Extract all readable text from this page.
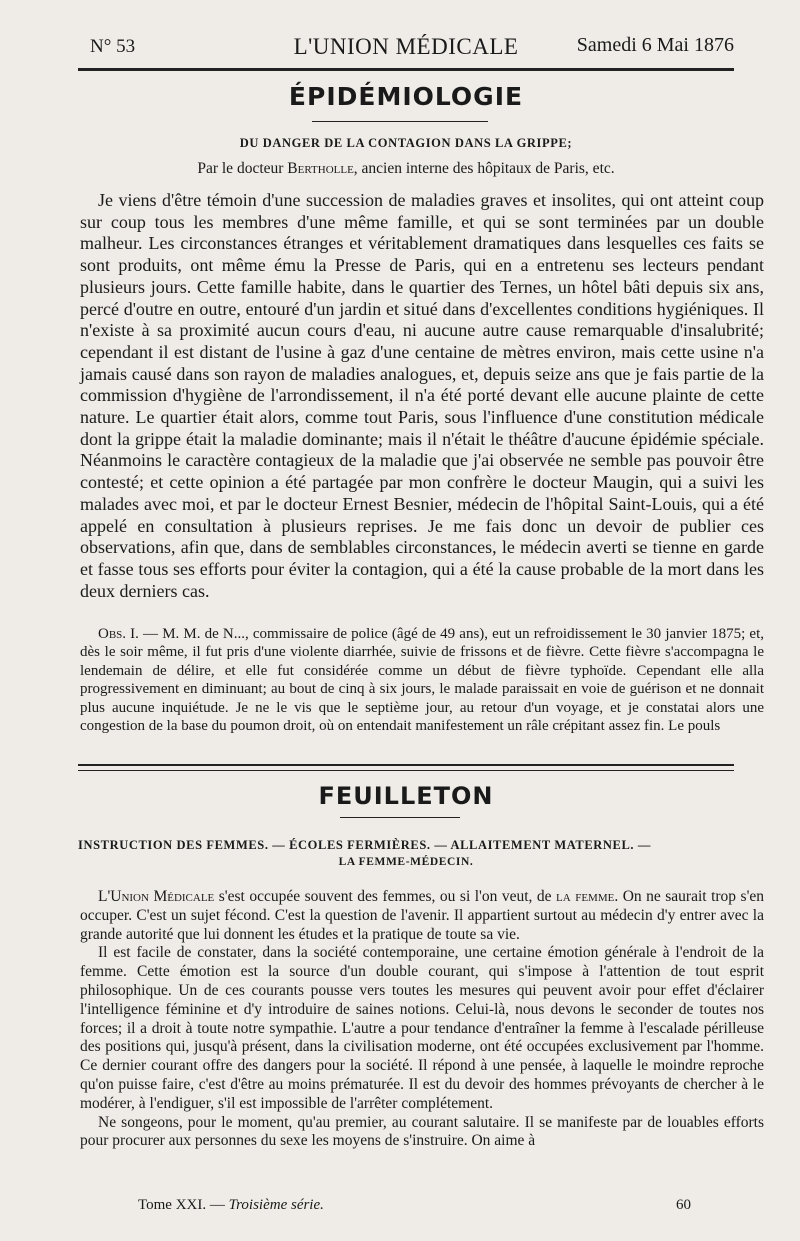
N° 53	L'UNION MÉDICALE	Samedi 6 Mai 1876
ÉPIDÉMIOLOGIE
DU DANGER DE LA CONTAGION DANS LA GRIPPE;
Par le docteur Bertholle, ancien interne des hôpitaux de Paris, etc.

Je viens d'être témoin d'une succession de maladies graves et insolites, qui ont atteint coup sur coup tous les membres d'une même famille, et qui se sont terminées par un double malheur. Les circonstances étranges et véritablement dramatiques dans lesquelles ces faits se sont produits, ont même ému la Presse de Paris, qui en a entretenu ses lecteurs pendant plusieurs jours. Cette famille habite, dans le quartier des Ternes, un hôtel bâti depuis six ans, percé d'outre en outre, entouré d'un jardin et situé dans d'excellentes conditions hygiéniques. Il n'existe à sa proximité aucun cours d'eau, ni aucune autre cause remarquable d'insalubrité; cependant il est distant de l'usine à gaz d'une centaine de mètres environ, mais cette usine n'a jamais causé dans son rayon de maladies analogues, et, depuis seize ans que je fais partie de la commission d'hygiène de l'arrondissement, il n'a été porté devant elle aucune plainte de cette nature. Le quartier était alors, comme tout Paris, sous l'influence d'une constitution médicale dont la grippe était la maladie dominante; mais il n'était le théâtre d'aucune épidémie spéciale. Néanmoins le caractère contagieux de la maladie que j'ai observée ne semble pas pouvoir être contesté; et cette opinion a été partagée par mon confrère le docteur Maugin, qui a suivi les malades avec moi, et par le docteur Ernest Besnier, médecin de l'hôpital Saint-Louis, qui a été appelé en consultation à plusieurs reprises. Je me fais donc un devoir de publier ces observations, afin que, dans de semblables circonstances, le médecin averti se tienne en garde et fasse tous ses efforts pour éviter la contagion, qui a été la cause probable de la mort dans les deux derniers cas.

Obs. I. — M. M. de N..., commissaire de police (âgé de 49 ans), eut un refroidissement le 30 janvier 1875; et, dès le soir même, il fut pris d'une violente diarrhée, suivie de frissons et de fièvre. Cette fièvre s'accompagna le lendemain de délire, et elle fut considérée comme un début de fièvre typhoïde. Cependant elle alla progressivement en diminuant; au bout de cinq à six jours, le malade paraissait en voie de guérison et ne donnait plus aucune inquiétude. Je ne le vis que le septième jour, au retour d'un voyage, et je constatai alors une congestion de la base du poumon droit, où on entendait manifestement un râle crépitant assez fin. Le pouls

FEUILLETON
INSTRUCTION DES FEMMES. — ÉCOLES FERMIÈRES. — ALLAITEMENT MATERNEL. —
LA FEMME-MÉDECIN.

L'Union Médicale s'est occupée souvent des femmes, ou si l'on veut, de la femme. On ne saurait trop s'en occuper. C'est un sujet fécond. C'est la question de l'avenir. Il appartient surtout au médecin d'y entrer avec la grande autorité que lui donnent les études et la pratique de toute sa vie.

Il est facile de constater, dans la société contemporaine, une certaine émotion générale à l'endroit de la femme. Cette émotion est la source d'un double courant, qui s'impose à l'attention de tout esprit philosophique. Un de ces courants pousse vers toutes les mesures qui peuvent avoir pour effet d'éclairer l'intelligence féminine et d'y introduire de saines notions. Celui-là, nous devons le seconder de toutes nos forces; il a droit à toute notre sympathie. L'autre a pour tendance d'entraîner la femme à l'escalade périlleuse des positions qui, jusqu'à présent, dans la civilisation moderne, ont été occupées exclusivement par l'homme. Ce dernier courant offre des dangers pour la société. Il répond à une pensée, à laquelle le moindre reproche qu'on puisse faire, c'est d'être au moins prématurée. Il est du devoir des hommes prévoyants de chercher à le modérer, à l'endiguer, s'il est impossible de l'arrêter complétement.

Ne songeons, pour le moment, qu'au premier, au courant salutaire. Il se manifeste par de louables efforts pour procurer aux personnes du sexe les moyens de s'instruire. On aime à

Tome XXI. — Troisième série.	60
